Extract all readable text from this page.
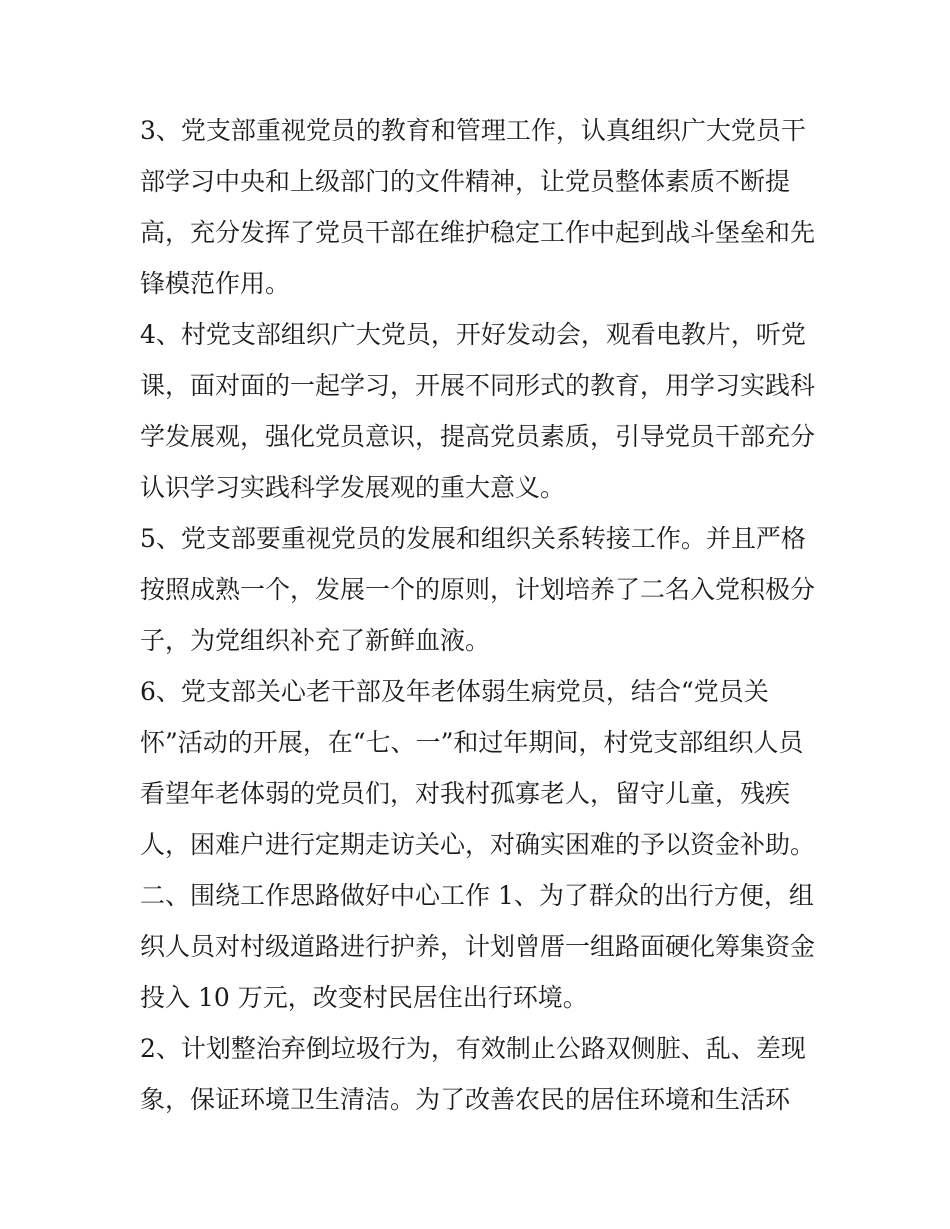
3、党支部重视党员的教育和管理工作，认真组织广大党员干
部学习中央和上级部门的文件精神，让党员整体素质不断提
高，充分发挥了党员干部在维护稳定工作中起到战斗堡垒和先
锋模范作用。
4、村党支部组织广大党员，开好发动会，观看电教片，听党
课，面对面的一起学习，开展不同形式的教育，用学习实践科
学发展观，强化党员意识，提高党员素质，引导党员干部充分
认识学习实践科学发展观的重大意义。
5、党支部要重视党员的发展和组织关系转接工作。并且严格
按照成熟一个，发展一个的原则，计划培养了二名入党积极分
子，为党组织补充了新鲜血液。
6、党支部关心老干部及年老体弱生病党员，结合“党员关
怀”活动的开展，在“七、一”和过年期间，村党支部组织人员
看望年老体弱的党员们，对我村孤寡老人，留守儿童，残疾
人，困难户进行定期走访关心，对确实困难的予以资金补助。
二、围绕工作思路做好中心工作 1、为了群众的出行方便，组
织人员对村级道路进行护养，计划曾厝一组路面硬化筹集资金
投入 10 万元，改变村民居住出行环境。
2、计划整治弃倒垃圾行为，有效制止公路双侧脏、乱、差现
象，保证环境卫生清洁。为了改善农民的居住环境和生活环
